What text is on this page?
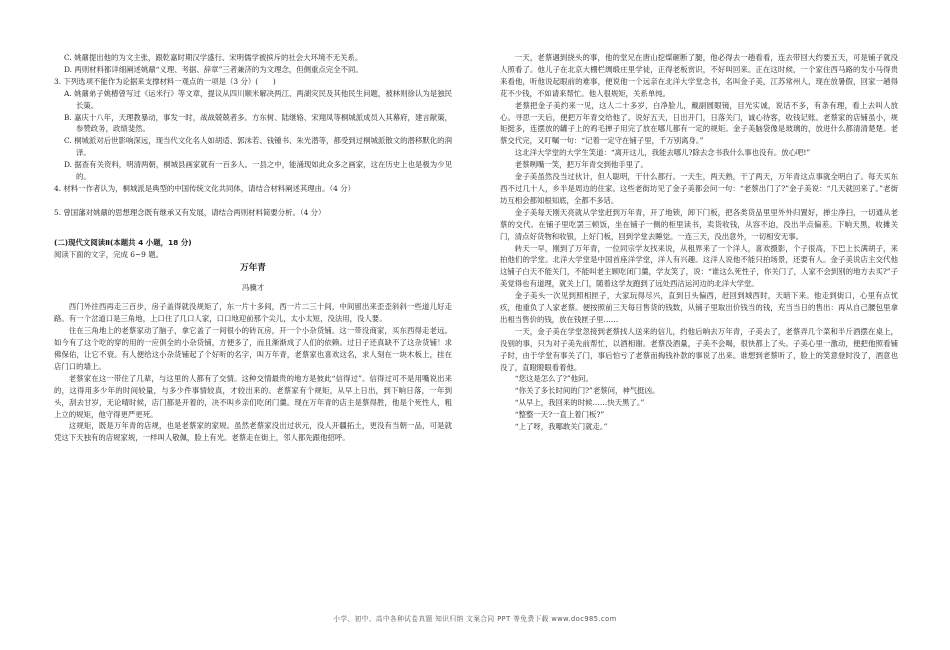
C. 姚鼐提出他的为文主张，跟乾嘉时期汉学盛行、宋明儒学被摈斥的社会大环境不无关系。

D. 两则材料都详细阐述姚鼐“义理、考据、辞章”三者兼济的为文理念，但侧重点完全不同。

3. 下列选项不能作为论据来支撑材料一观点的一项是（3 分）(　　)

A. 姚鼐弟子姚椿曾写过《运米行》等文章，提议从四川顺米解决两江、两湖灾民及其他民生问题，被林则徐认为是独民长策。

B. 嘉庆十八年，天理教暴动，事发一时，战战兢兢者多。方东树、陆继辂、宋翔凤等桐城派成员入其幕府，建言献策，参赞政务，政绩斐然。

C. 桐城派对后世影响深远，现当代文化名人如胡适、郭沫若、钱锺书、朱光潜等，都受到过桐城派散文的潜移默化的润泽。

D. 据查有关资料，明清两朝，桐城县画家就有一百多人。一县之中，能涌现如此众多之画家，这在历史上也是极为少见的。

4. 材料一作者认为，桐城派是典型的中国传统文化共同体，请结合材料阐述其理由。（4 分）

5. 曾国藩对姚鼐的思想理念既有继承又有发展，请结合两则材料简要分析。（4 分）

(二)现代文阅读Ⅱ(本题共 4 小题，18 分)

阅读下面的文字，完成 6~9 题。

万年青

冯骥才

西门外往西再走三百步，房子盖得就没规矩了，东一片十多间，西一片二三十间，中间留出来歪歪斜斜一些道儿好走路。有一个岔道口是三角地，上口住了几口人家，口口地迎前那个尖儿，太小太短，没法用，没人要。

住在三角地上的老蔡家动了脑子，拿它盖了一间很小的砖瓦房，开一个小杂货铺。这一带没商家，买东西得走老远。如今有了这个吃的穿的用的一应俱全的小杂货铺，方便多了，而且渐渐成了人们的依赖。过日子还真缺不了这杂货铺！求佛保佑，让它不衰。有人便给这小杂货铺起了个好听的名字，叫万年青，老蔡家也喜欢这名，求人刻在一块木板上，挂在店门口的墙上。

老蔡家在这一带住了几辈，与这里的人都有了交情。这种交情最贵的地方是彼此“信得过”。信得过可不是用嘴说出来的，这得用多少年的时间较量，与多少件事情较真，才较出来的。老蔡家有个规矩，从早上日出，到下晌日落，一年到头，刮去甘岁，无论晴时候，店门都是开着的，决不叫乡亲们吃闭门羹。现在万年青的店主是蔡得胜，他是个死性人，粗上立的规矩，他守得更严更死。

这规矩，既是万年青的店规，也是老蔡家的家规。虽然老蔡家没出过状元，没人开疆拓土，更没有当朝一品，可是就凭这下天独有的店规家规，一样叫人敬佩，脸上有光。老蔡走在街上，邻人都先跟他招呼。

一天，老蔡遇到挠头的事，他的堂兄在唐山挖煤砸断了腿，他必得去一趟看看，连去带回大约要五天，可是铺子就没人照看了。他儿子在北京大棚栏绸缎庄里学徒，正得老板赏识，不好叫回来。正在这时候，一个家住西马路的发小马得贵来看他，听他说起眼前的难事，便说他一个远亲在北洋大学堂念书，名叫金子美，江苏常州人，现在放暑假，回家一趟得花不少钱，不如请来帮忙。他人很规矩，关系单纯。

老蔡把金子美约来一见，这人二十多岁，白净脸儿，戴副圆眼镜，目光实诚，说话不多，有条有理，看上去叫人放心。寻思一天后，便把万年青交给他了。说好五天，日出开门，日落关门，诚心待客，收钱记账。老蔡家的店铺虽小，规矩挺多，连摆放的罐子上的鸡毛掸子用完了放在哪儿都有一定的规矩。金子美脑袋像是玻璃的，放进什么都清清楚楚。老蔡交代完，又叮嘱一句：“记着一定守在铺子里，千万别离身。”

这北洋大学堂的大学生笑道：“离开这儿，我能去哪儿?除去念书我什么事也没有。放心吧!”

老蔡咧嘴一笑，把万年青交到他手里了。

金子美虽然没当过伙计，但人聪明，干什么都行。一天生，两天熟，干了两天，万年青这点事就全明白了。每天买东西不过几十人，乡半是周边的住家。这些老街坊见了金子美都会问一句：“老蔡出门了?”金子美说：“几天就回来了。”老街坊互相会都知根知底，全都不多话。

金子美每天刚天亮就从学堂赶到万年青，开了地锁，卸下门板，把各类货品里里外外归置好，掸尘净扫，一切通从老蔡的交代。在铺子里吃罢三顿饭，坐在铺子一侧的柜里读书，卖货收钱，从容不迫，没出半点偏差。下晌天黑，收摊关门，清点好货物和收银，上好门板，回到学堂去睡觉。一连三天，没出意外，一切相安无事。

转天一早，刚到了万年青，一位同宗学友找来说，从租界来了一个洋人，喜欢摄影，个子很高，下巴上长满胡子，来拍他们的学堂。北洋大学堂是中国首座洋学堂，洋人有兴趣。这洋人说他不能只拍场景，还要有人。金子美说店主交代他这铺子白天不能关门，不能叫老主顾吃闭门羹，学友笑了，说：“谁这么死性子，你关门了，人家不会到别的地方去买?”子美觉得也有道理，就关上门，随着这学友跑到了远处西沽运河边的北洋大学堂。

金子美头一次见到照相匣子，大家玩得尽兴，直到日头偏西，赶回到城西时，天暗下来。他走到街口，心里有点忧疚，他重负了人家老蔡。便按照前三天每日售货的钱数，从铺子里取出价钱当的钱，充当当日的售出：再从自己腰包里拿出相当售价的钱，放在钱匣子里……

一天，金子美在学堂忽接到老蔡找人送来的信儿，约他后晌去万年青，子美去了，老蔡弄几个菜和半斤酒摆在桌上，没别的事，只为对子美先前帮忙，以酒相谢。老蔡没酒量，子美不会喝，很快都上了头。子美心里一激动，便把他照看铺子时，由于学堂有事关了门，事后怕亏了老蔡而掏钱补款的事说了出来。谁想到老蔡听了，脸上的笑意登时没了，酒意也没了，直瞪瞪眼看着他。

“您这是怎么了?”他问。

“你关了多长时间的门?”老蔡问，神气挺凶。

“从早上，我回来的时候……快天黑了。”

“整整一天?一直上着门板?”

“上了呀，我哪敢关门就走。”

小学、初中、高中各种试卷真题 知识归纳 文案合同 PPT 等免费下载 www.doc985.com
